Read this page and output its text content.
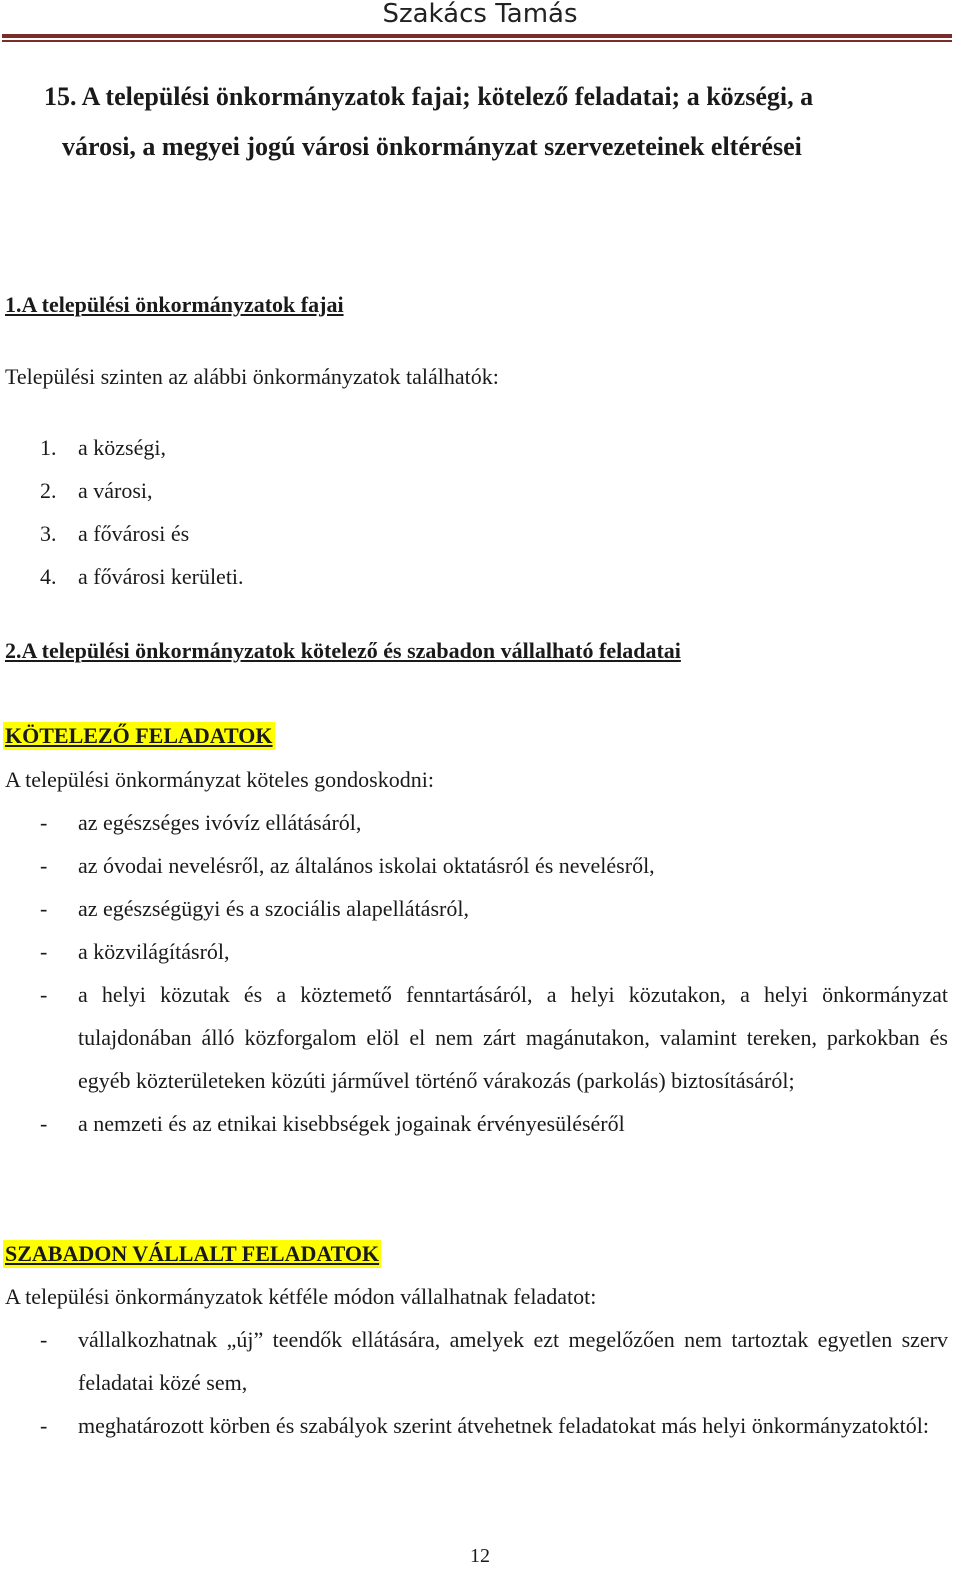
Szakács Tamás
15. A települési önkormányzatok fajai; kötelező feladatai; a községi, a
városi, a megyei jogú városi önkormányzat szervezeteinek eltérései
1.A települési önkormányzatok fajai
Települési szinten az alábbi önkormányzatok találhatók:
1. a községi,
2. a városi,
3. a fővárosi és
4. a fővárosi kerületi.
2.A települési önkormányzatok kötelező és szabadon vállalható feladatai
KÖTELEZŐ FELADATOK
A települési önkormányzat köteles gondoskodni:
-	az egészséges ivóvíz ellátásáról,
-	az óvodai nevelésről, az általános iskolai oktatásról és nevelésről,
-	az egészségügyi és a szociális alapellátásról,
-	a közvilágításról,
-	a helyi közutak és a köztemető fenntartásáról, a helyi közutakon, a helyi önkormányzat tulajdonában álló közforgalom elöl el nem zárt magánutakon, valamint tereken, parkokban és egyéb közterületeken közúti járművel történő várakozás (parkolás) biztosításáról;
-	a nemzeti és az etnikai kisebbségek jogainak érvényesüléséről
SZABADON VÁLLALT FELADATOK
A települési önkormányzatok kétféle módon vállalhatnak feladatot:
-	vállalkozhatnak „új” teendők ellátására, amelyek ezt megelőzően nem tartoztak egyetlen szerv feladatai közé sem,
-	meghatározott körben és szabályok szerint átvehetnek feladatokat más helyi önkormányzatoktól:
12
